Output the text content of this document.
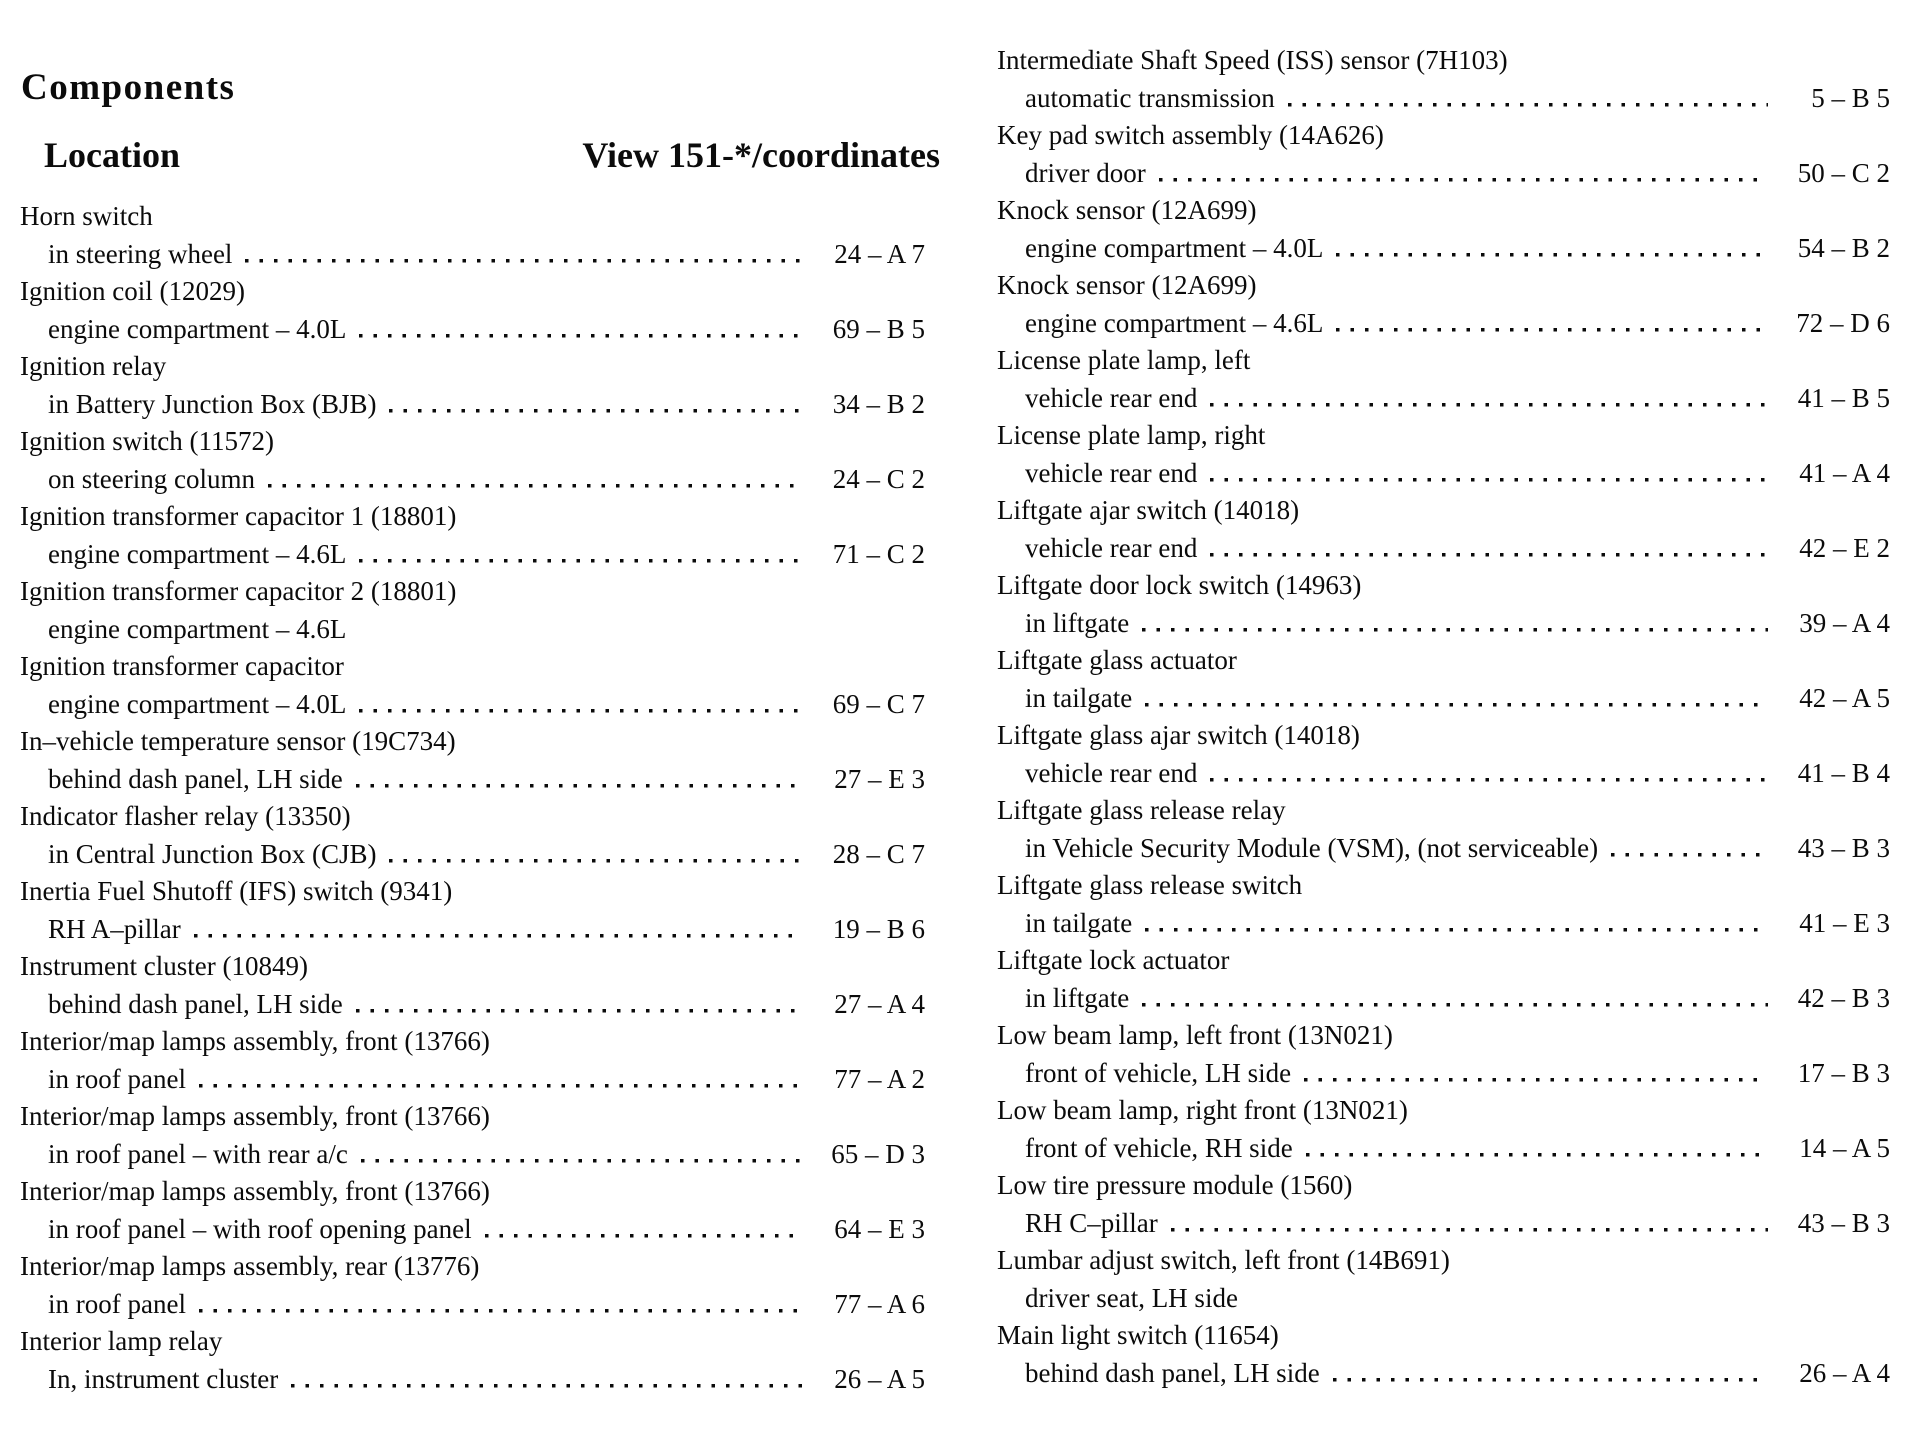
Components
Location	View 151-*/coordinates
Horn switch
in steering wheel	24 – A 7
Ignition coil (12029)
engine compartment – 4.0L	69 – B 5
Ignition relay
in Battery Junction Box (BJB)	34 – B 2
Ignition switch (11572)
on steering column	24 – C 2
Ignition transformer capacitor 1 (18801)
engine compartment – 4.6L	71 – C 2
Ignition transformer capacitor 2 (18801)
engine compartment – 4.6L
Ignition transformer capacitor
engine compartment – 4.0L	69 – C 7
In–vehicle temperature sensor (19C734)
behind dash panel, LH side	27 – E 3
Indicator flasher relay (13350)
in Central Junction Box (CJB)	28 – C 7
Inertia Fuel Shutoff (IFS) switch (9341)
RH A–pillar	19 – B 6
Instrument cluster (10849)
behind dash panel, LH side	27 – A 4
Interior/map lamps assembly, front (13766)
in roof panel	77 – A 2
Interior/map lamps assembly, front (13766)
in roof panel – with rear a/c	65 – D 3
Interior/map lamps assembly, front (13766)
in roof panel – with roof opening panel	64 – E 3
Interior/map lamps assembly, rear (13776)
in roof panel	77 – A 6
Interior lamp relay
In, instrument cluster	26 – A 5
Intermediate Shaft Speed (ISS) sensor (7H103)
automatic transmission	5 – B 5
Key pad switch assembly (14A626)
driver door	50 – C 2
Knock sensor (12A699)
engine compartment – 4.0L	54 – B 2
Knock sensor (12A699)
engine compartment – 4.6L	72 – D 6
License plate lamp, left
vehicle rear end	41 – B 5
License plate lamp, right
vehicle rear end	41 – A 4
Liftgate ajar switch (14018)
vehicle rear end	42 – E 2
Liftgate door lock switch (14963)
in liftgate	39 – A 4
Liftgate glass actuator
in tailgate	42 – A 5
Liftgate glass ajar switch (14018)
vehicle rear end	41 – B 4
Liftgate glass release relay
in Vehicle Security Module (VSM), (not serviceable)	43 – B 3
Liftgate glass release switch
in tailgate	41 – E 3
Liftgate lock actuator
in liftgate	42 – B 3
Low beam lamp, left front (13N021)
front of vehicle, LH side	17 – B 3
Low beam lamp, right front (13N021)
front of vehicle, RH side	14 – A 5
Low tire pressure module (1560)
RH C–pillar	43 – B 3
Lumbar adjust switch, left front (14B691)
driver seat, LH side
Main light switch (11654)
behind dash panel, LH side	26 – A 4
